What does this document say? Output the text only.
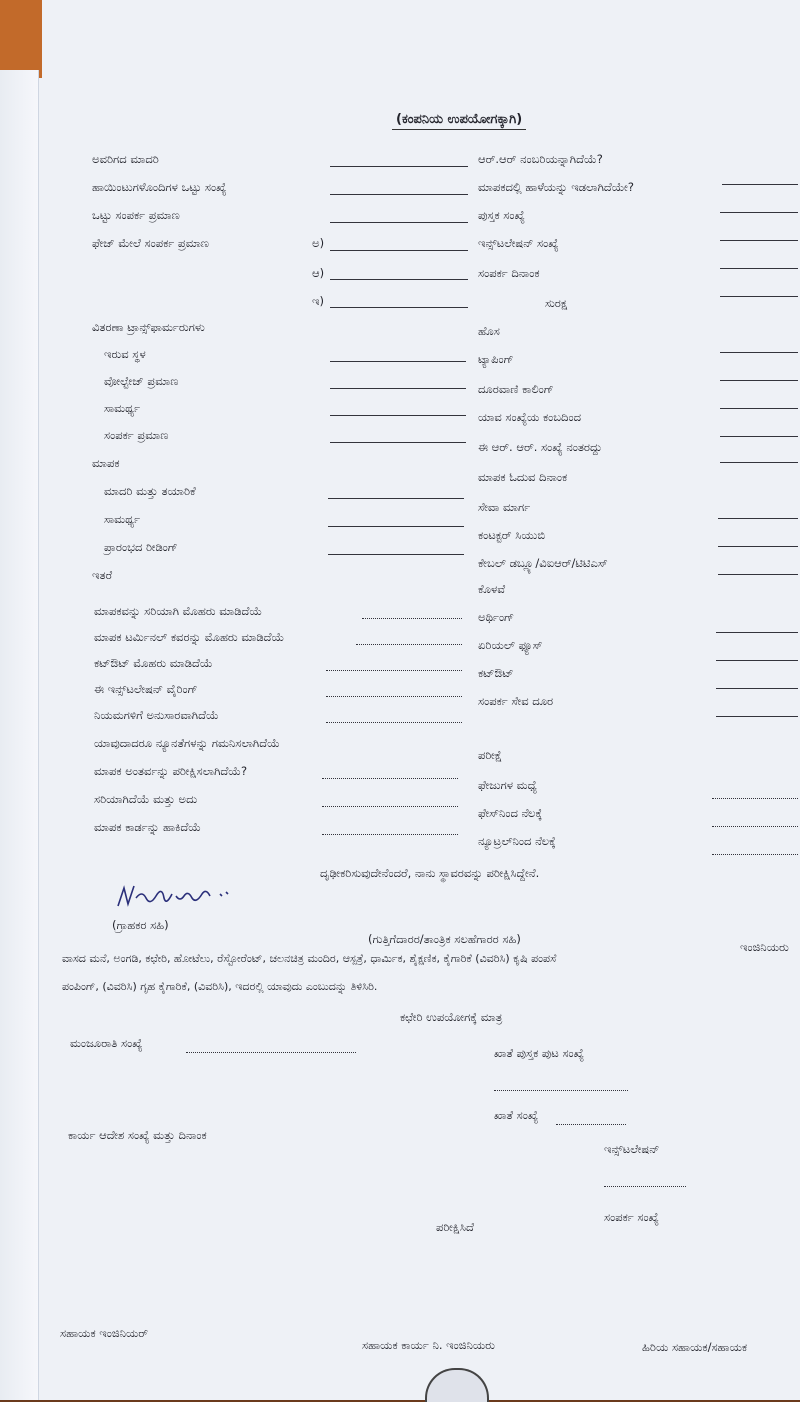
(ಕಂಪನಿಯ ಉಪಯೋಗಕ್ಕಾಗಿ)
ಅವರಿಗದ ಮಾದರಿ
ಹಾಯಿಂಟುಗಳೊಂದಿಗಳ ಒಟ್ಟು ಸಂಖ್ಯೆ
ಒಟ್ಟು ಸಂಪರ್ಕ ಪ್ರಮಾಣ
ಫೇಜ್ ಮೇಲೆ ಸಂಪರ್ಕ ಪ್ರಮಾಣ
ವಿತರಣಾ ಟ್ರಾನ್ಸ್‌ಫಾರ್ಮರುಗಳು
ಇರುವ ಸ್ಥಳ
ವೋಲ್ಟೇಜ್ ಪ್ರಮಾಣ
ಸಾಮರ್ಥ್ಯ
ಸಂಪರ್ಕ ಪ್ರಮಾಣ
ಮಾಪಕ
ಮಾದರಿ ಮತ್ತು ತಯಾರಿಕೆ
ಸಾಮರ್ಥ್ಯ
ಪ್ರಾರಂಭದ ರೀಡಿಂಗ್
ಇತರೆ
ಮಾಪಕವನ್ನು ಸರಿಯಾಗಿ ಮೊಹರು ಮಾಡಿದೆಯೆ
ಮಾಪಕ ಟರ್ಮಿನಲ್ ಕವರನ್ನು ಮೊಹರು ಮಾಡಿದೆಯೆ
ಕಟ್‌ಔಟ್ ಮೊಹರು ಮಾಡಿದೆಯೆ
ಈ ಇನ್ಸ್‌ಟಲೇಷನ್ ವೈರಿಂಗ್
ನಿಯಮಗಳಿಗೆ ಅನುಸಾರವಾಗಿದೆಯೆ
ಯಾವುದಾದರೂ ನ್ಯೂನತೆಗಳನ್ನು ಗಮನಿಸಲಾಗಿದೆಯೆ
ಮಾಪಕ ಅಂತರ್ವನ್ನು ಪರೀಕ್ಷಿಸಲಾಗಿದೆಯೆ?
ಸರಿಯಾಗಿದೆಯೆ ಮತ್ತು ಅದು
ಮಾಪಕ ಕಾರ್ಡನ್ನು ಹಾಕಿದೆಯೆ
ಅ)
ಆ)
ಇ)
ಆರ್.ಆರ್ ನಂಬರಿಯನ್ನಾಗಿದೆಯೆ?
ಮಾಪಕದಲ್ಲಿ ಹಾಳೆಯನ್ನು ಇಡಲಾಗಿದೆಯೇ?
ಪುಸ್ತಕ ಸಂಖ್ಯೆ
ಇನ್ಸ್‌ಟಲೇಷನ್ ಸಂಖ್ಯೆ
ಸಂಪರ್ಕ ದಿನಾಂಕ
ಸುರಕ್ಷ
ಹೊಸ
ಟ್ಯಾಪಿಂಗ್
ದೂರವಾಣಿ ಕಾಲಿಂಗ್
ಯಾವ ಸಂಖ್ಯೆಯ ಕಂಬದಿಂದ
ಈ ಆರ್. ಆರ್. ಸಂಖ್ಯೆ ನಂತರದ್ದು
ಮಾಪಕ ಓದುವ ದಿನಾಂಕ
ಸೇವಾ ಮಾರ್ಗ
ಕಂಟಕ್ಟರ್ ಸಿಯುಬಿ
ಕೇಬಲ್ ಡಬ್ಲ್ಯೂ/ವಿಐಆರ್/ಟಿಟಿಎಸ್
ಕೊಳವೆ
ಅರ್ಥಿಂಗ್
ಏರಿಯಲ್ ಫ್ಯೂಸ್
ಕಟ್‌ಔಟ್
ಸಂಪರ್ಕ ಸೇವ ದೂರ
ಪರೀಕ್ಷೆ
ಫೇಜುಗಳ ಮಧ್ಯೆ
ಫೇಸ್‌ನಿಂದ ನೆಲಕ್ಕೆ
ನ್ಯೂಟ್ರಲ್‌ನಿಂದ ನೆಲಕ್ಕೆ
ದೃಢೀಕರಿಸುವುದೇನೆಂದರೆ, ನಾನು ಸ್ಥಾವರವನ್ನು ಪರೀಕ್ಷಿಸಿದ್ದೇನೆ.
(ಗ್ರಾಹಕರ ಸಹಿ)
(ಗುತ್ತಿಗೆದಾರರ/ತಾಂತ್ರಿಕ ಸಲಹೆಗಾರರ ಸಹಿ)
ಇಂಜಿನಿಯರು
ವಾಸದ ಮನೆ, ಅಂಗಡಿ, ಕಛೇರಿ, ಹೋಟೆಲು, ರೆಸ್ಟೋರೆಂಟ್, ಚಲನಚಿತ್ರ ಮಂದಿರ, ಆಸ್ಪತ್ರೆ, ಧಾರ್ಮಿಕ, ಶೈಕ್ಷಣಿಕ, ಕೈಗಾರಿಕೆ (ವಿವರಿಸಿ) ಕೃಷಿ ಪಂಪಸೆ
ಪಂಪಿಂಗ್, (ವಿವರಿಸಿ) ಗೃಹ ಕೈಗಾರಿಕೆ, (ವಿವರಿಸಿ), ಇದರಲ್ಲಿ ಯಾವುದು ಎಂಬುದನ್ನು ತಿಳಿಸಿರಿ.
ಕಛೇರಿ ಉಪಯೋಗಕ್ಕೆ ಮಾತ್ರ
ಮಂಜೂರಾತಿ ಸಂಖ್ಯೆ
ಖಾತೆ ಪುಸ್ತಕ ಪುಟ ಸಂಖ್ಯೆ
ಖಾತೆ ಸಂಖ್ಯೆ
ಕಾರ್ಯ ಆದೇಶ ಸಂಖ್ಯೆ ಮತ್ತು ದಿನಾಂಕ
ಇನ್ಸ್‌ಟಲೇಷನ್
ಪರೀಕ್ಷಿಸಿದೆ
ಸಂಪರ್ಕ ಸಂಖ್ಯೆ
ಸಹಾಯಕ ಇಂಜಿನಿಯರ್
ಸಹಾಯಕ ಕಾರ್ಯ ನಿ. ಇಂಜಿನಿಯರು	ಹಿರಿಯ ಸಹಾಯಕ/ಸಹಾಯಕ
